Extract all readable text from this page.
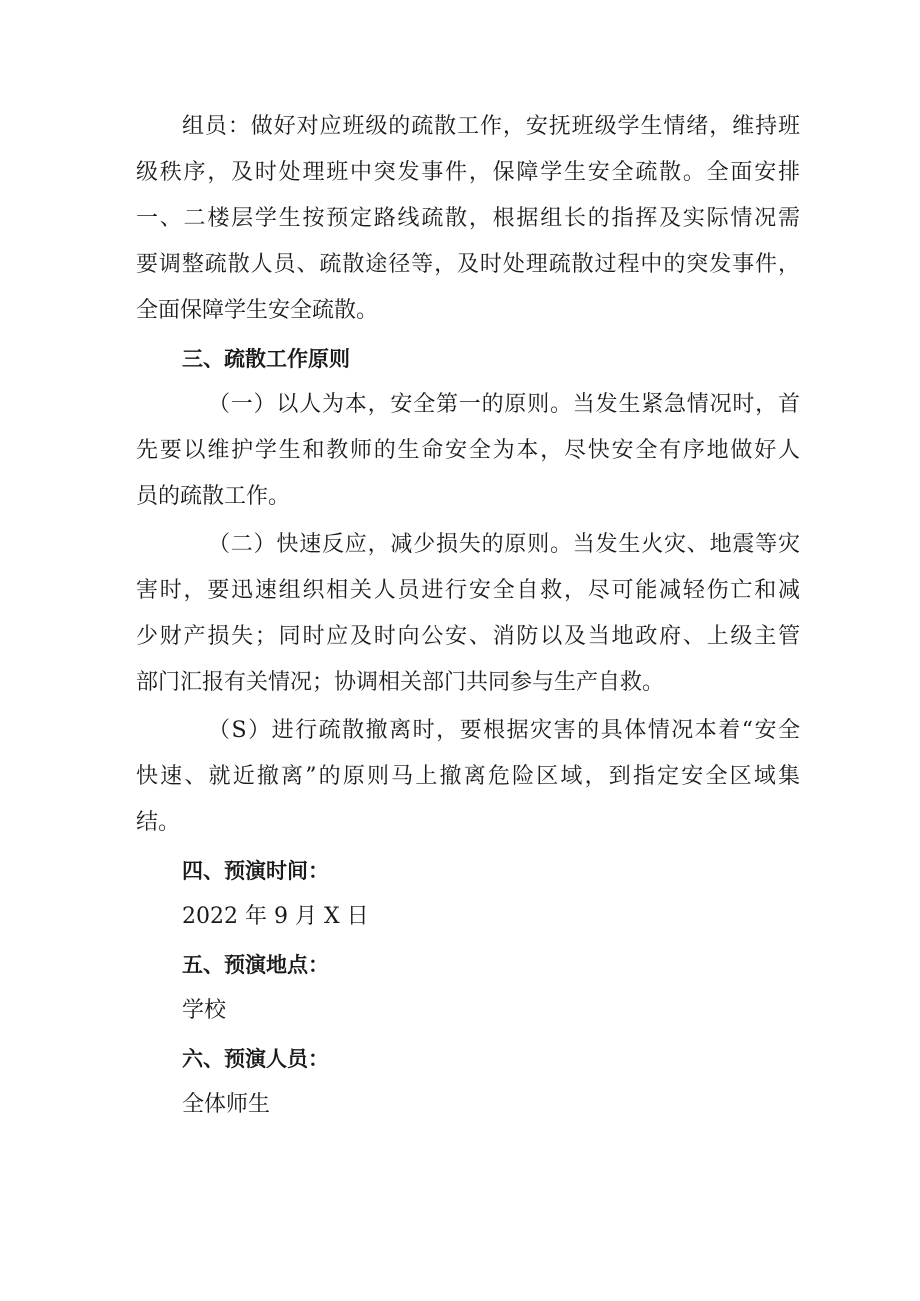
组员：做好对应班级的疏散工作，安抚班级学生情绪，维持班
级秩序，及时处理班中突发事件，保障学生安全疏散。全面安排
一、二楼层学生按预定路线疏散，根据组长的指挥及实际情况需
要调整疏散人员、疏散途径等，及时处理疏散过程中的突发事件，
全面保障学生安全疏散。
三、疏散工作原则
（一）以人为本，安全第一的原则。当发生紧急情况时，首
先要以维护学生和教师的生命安全为本，尽快安全有序地做好人
员的疏散工作。
（二）快速反应，减少损失的原则。当发生火灾、地震等灾
害时，要迅速组织相关人员进行安全自救，尽可能减轻伤亡和减
少财产损失；同时应及时向公安、消防以及当地政府、上级主管
部门汇报有关情况；协调相关部门共同参与生产自救。
（S）进行疏散撤离时，要根据灾害的具体情况本着“安全
快速、就近撤离”的原则马上撤离危险区域，到指定安全区域集
结。
四、预演时间：
2022 年 9 月 X 日
五、预演地点：
学校
六、预演人员：
全体师生
